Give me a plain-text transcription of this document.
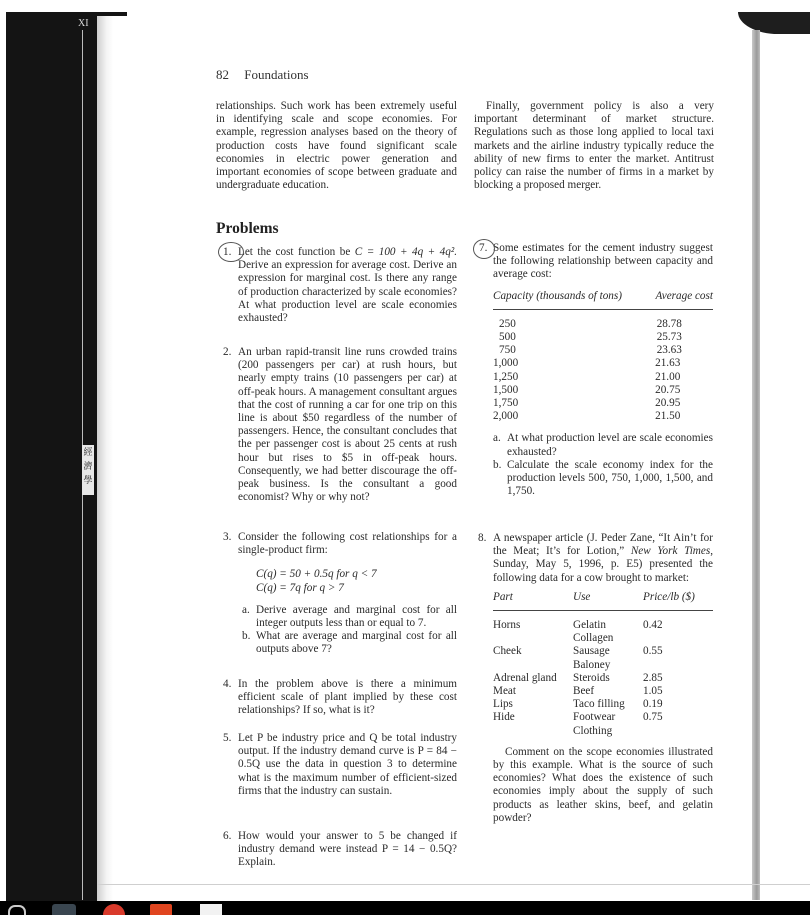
XI
經濟學
82 Foundations

relationships. Such work has been extremely useful in identifying scale and scope economies. For example, regression analyses based on the theory of production costs have found significant scale economies in electric power generation and important economies of scope between graduate and undergraduate education.

Finally, government policy is also a very important determinant of market structure. Regulations such as those long applied to local taxi markets and the airline industry typically reduce the ability of new firms to enter the market. Antitrust policy can raise the number of firms in a market by blocking a proposed merger.

Problems
1. Let the cost function be C = 100 + 4q + 4q². Derive an expression for average cost. Derive an expression for marginal cost. Is there any range of production characterized by scale economies? At what production level are scale economies exhausted?
2. An urban rapid-transit line runs crowded trains (200 passengers per car) at rush hours, but nearly empty trains (10 passengers per car) at off-peak hours. A management consultant argues that the cost of running a car for one trip on this line is about $50 regardless of the number of passengers. Hence, the consultant concludes that the per passenger cost is about 25 cents at rush hour but rises to $5 in off-peak hours. Consequently, we had better discourage the off-peak business. Is the consultant a good economist? Why or why not?

3. Consider the following cost relationships for a single-product firm:

C(q) = 50 + 0.5q for q < 7

C(q) = 7q for q > 7

a. Derive average and marginal cost for all integer outputs less than or equal to 7.

b. What are average and marginal cost for all outputs above 7?

4. In the problem above is there a minimum efficient scale of plant implied by these cost relationships? If so, what is it?

5. Let P be industry price and Q be total industry output. If the industry demand curve is P = 84 − 0.5Q use the data in question 3 to determine what is the maximum number of efficient-sized firms that the industry can sustain.

6. How would your answer to 5 be changed if industry demand were instead P = 14 − 0.5Q? Explain.

7. Some estimates for the cement industry suggest the following relationship between capacity and average cost:

Capacity (thousands of tons)	Average cost
250	28.78
500	25.73
750	23.63
1,000	21.63
1,250	21.00
1,500	20.75
1,750	20.95
2,000	21.50
a. At what production level are scale economies exhausted?

b. Calculate the scale economy index for the production levels 500, 750, 1,000, 1,500, and 1,750.

8. A newspaper article (J. Peder Zane, “It Ain’t for the Meat; It’s for Lotion,” New York Times, Sunday, May 5, 1996, p. E5) presented the following data for a cow brought to market:

Part	Use	Price/lb ($)
Horns	Gelatin	0.42
Collagen
Cheek	Sausage	0.55
Baloney
Adrenal gland	Steroids	2.85
Meat	Beef	1.05
Lips	Taco filling	0.19
Hide	Footwear	0.75
Clothing

Comment on the scope economies illustrated by this example. What is the source of such economies? What does the existence of such economies imply about the supply of such products as leather skins, beef, and gelatin powder?
